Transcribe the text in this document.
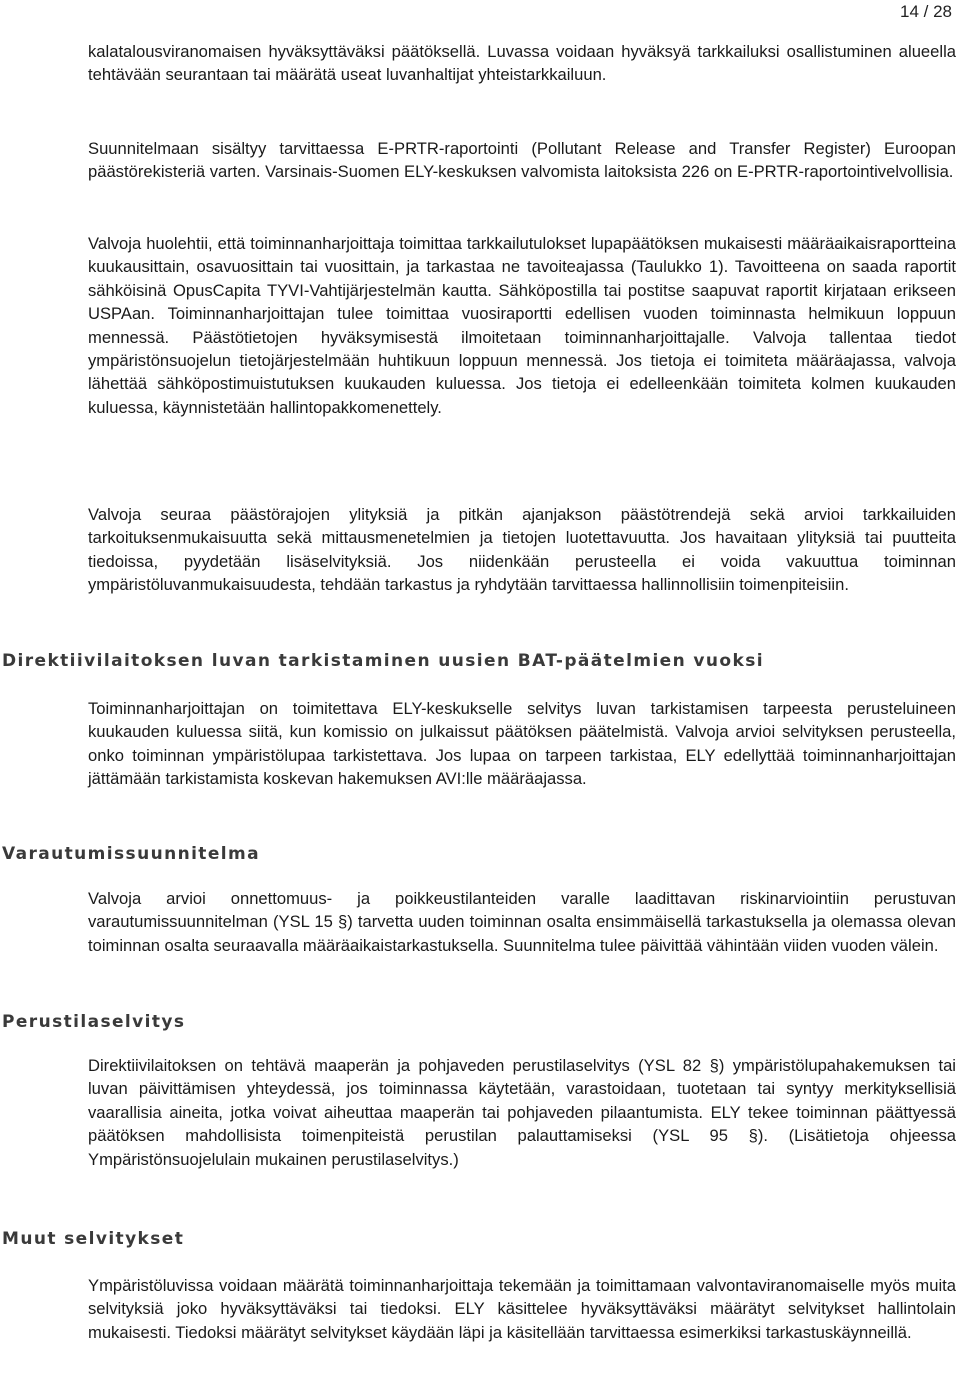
14 / 28

kalatalousviranomaisen hyväksyttäväksi päätöksellä. Luvassa voidaan hyväksyä tarkkailuksi osallistuminen alueella tehtävään seurantaan tai määrätä useat luvanhaltijat yhteistarkkailuun.

Suunnitelmaan sisältyy tarvittaessa E-PRTR-raportointi (Pollutant Release and Transfer Register) Euroopan päästörekisteriä varten. Varsinais-Suomen ELY-keskuksen valvomista laitoksista 226 on E-PRTR-raportointivelvollisia.

Valvoja huolehtii, että toiminnanharjoittaja toimittaa tarkkailutulokset lupapäätöksen mukaisesti määräaikaisraportteina kuukausittain, osavuosittain tai vuosittain, ja tarkastaa ne tavoiteajassa (Taulukko 1). Tavoitteena on saada raportit sähköisinä OpusCapita TYVI-Vahtijärjestelmän kautta. Sähköpostilla tai postitse saapuvat raportit kirjataan erikseen USPAan. Toiminnanharjoittajan tulee toimittaa vuosiraportti edellisen vuoden toiminnasta helmikuun loppuun mennessä. Päästötietojen hyväksymisestä ilmoitetaan toiminnanharjoittajalle. Valvoja tallentaa tiedot ympäristönsuojelun tietojärjestelmään huhtikuun loppuun mennessä. Jos tietoja ei toimiteta määräajassa, valvoja lähettää sähköpostimuistutuksen kuukauden kuluessa. Jos tietoja ei edelleenkään toimiteta kolmen kuukauden kuluessa, käynnistetään hallintopakkomenettely.

Valvoja seuraa päästörajojen ylityksiä ja pitkän ajanjakson päästötrendejä sekä arvioi tarkkailuiden tarkoituksenmukaisuutta sekä mittausmenetelmien ja tietojen luotettavuutta. Jos havaitaan ylityksiä tai puutteita tiedoissa, pyydetään lisäselvityksiä. Jos niidenkään perusteella ei voida vakuuttua toiminnan ympäristöluvanmukaisuudesta, tehdään tarkastus ja ryhdytään tarvittaessa hallinnollisiin toimenpiteisiin.

Direktiivilaitoksen luvan tarkistaminen uusien BAT-päätelmien vuoksi

Toiminnanharjoittajan on toimitettava ELY-keskukselle selvitys luvan tarkistamisen tarpeesta perusteluineen kuukauden kuluessa siitä, kun komissio on julkaissut päätöksen päätelmistä. Valvoja arvioi selvityksen perusteella, onko toiminnan ympäristölupaa tarkistettava. Jos lupaa on tarpeen tarkistaa, ELY edellyttää toiminnanharjoittajan jättämään tarkistamista koskevan hakemuksen AVI:lle määräajassa.

Varautumissuunnitelma

Valvoja arvioi onnettomuus- ja poikkeustilanteiden varalle laadittavan riskinarviointiin perustuvan varautumissuunnitelman (YSL 15 §) tarvetta uuden toiminnan osalta ensimmäisellä tarkastuksella ja olemassa olevan toiminnan osalta seuraavalla määräaikaistarkastuksella. Suunnitelma tulee päivittää vähintään viiden vuoden välein.

Perustilaselvitys

Direktiivilaitoksen on tehtävä maaperän ja pohjaveden perustilaselvitys (YSL 82 §) ympäristölupahakemuksen tai luvan päivittämisen yhteydessä, jos toiminnassa käytetään, varastoidaan, tuotetaan tai syntyy merkityksellisiä vaarallisia aineita, jotka voivat aiheuttaa maaperän tai pohjaveden pilaantumista. ELY tekee toiminnan päättyessä päätöksen mahdollisista toimenpiteistä perustilan palauttamiseksi (YSL 95 §). (Lisätietoja ohjeessa Ympäristönsuojelulain mukainen perustilaselvitys.)

Muut selvitykset

Ympäristöluvissa voidaan määrätä toiminnanharjoittaja tekemään ja toimittamaan valvontaviranomaiselle myös muita selvityksiä joko hyväksyttäväksi tai tiedoksi. ELY käsittelee hyväksyttäväksi määrätyt selvitykset hallintolain mukaisesti. Tiedoksi määrätyt selvitykset käydään läpi ja käsitellään tarvittaessa esimerkiksi tarkastuskäynneillä.
